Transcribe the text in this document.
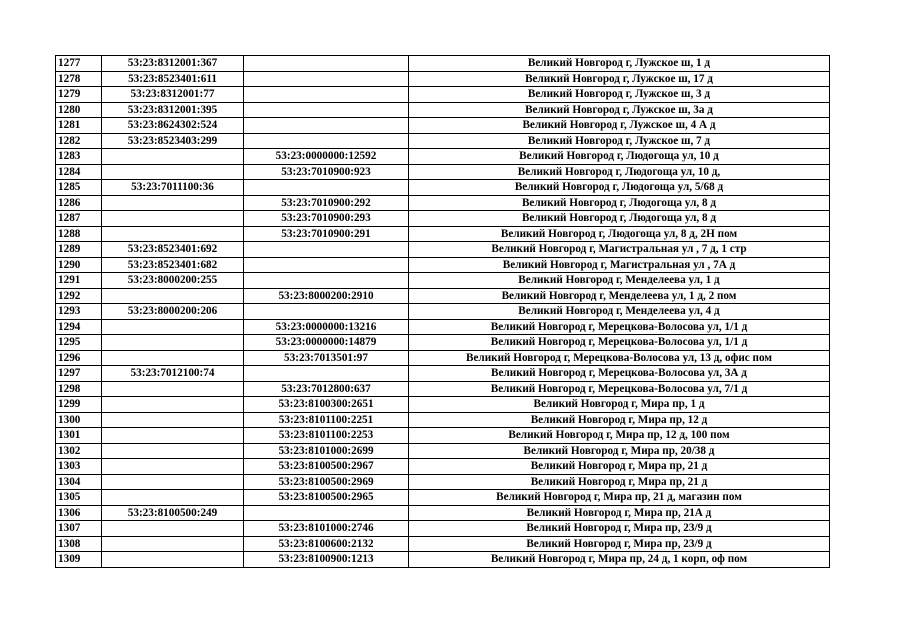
1277	53:23:8312001:367		Великий Новгород г, Лужское ш, 1 д
1278	53:23:8523401:611		Великий Новгород г, Лужское ш, 17 д
1279	53:23:8312001:77		Великий Новгород г, Лужское ш, 3 д
1280	53:23:8312001:395		Великий Новгород г, Лужское ш, 3а д
1281	53:23:8624302:524		Великий Новгород г, Лужское ш, 4 А д
1282	53:23:8523403:299		Великий Новгород г, Лужское ш, 7 д
1283		53:23:0000000:12592	Великий Новгород г, Людогоща ул, 10 д
1284		53:23:7010900:923	Великий Новгород г, Людогоща ул, 10 д,
1285	53:23:7011100:36		Великий Новгород г, Людогоща ул, 5/68 д
1286		53:23:7010900:292	Великий Новгород г, Людогоща ул, 8 д
1287		53:23:7010900:293	Великий Новгород г, Людогоща ул, 8 д
1288		53:23:7010900:291	Великий Новгород г, Людогоща ул, 8 д, 2Н пом
1289	53:23:8523401:692		Великий Новгород г, Магистральная ул , 7 д, 1 стр
1290	53:23:8523401:682		Великий Новгород г, Магистральная ул , 7А д
1291	53:23:8000200:255		Великий Новгород г, Менделеева ул, 1 д
1292		53:23:8000200:2910	Великий Новгород г, Менделеева ул, 1 д, 2 пом
1293	53:23:8000200:206		Великий Новгород г, Менделеева ул, 4 д
1294		53:23:0000000:13216	Великий Новгород г, Мерецкова-Волосова ул, 1/1 д
1295		53:23:0000000:14879	Великий Новгород г, Мерецкова-Волосова ул, 1/1 д
1296		53:23:7013501:97	Великий Новгород г, Мерецкова-Волосова ул, 13 д, офис пом
1297	53:23:7012100:74		Великий Новгород г, Мерецкова-Волосова ул, 3А д
1298		53:23:7012800:637	Великий Новгород г, Мерецкова-Волосова ул, 7/1 д
1299		53:23:8100300:2651	Великий Новгород г, Мира пр, 1 д
1300		53:23:8101100:2251	Великий Новгород г, Мира пр, 12 д
1301		53:23:8101100:2253	Великий Новгород г, Мира пр, 12 д, 100 пом
1302		53:23:8101000:2699	Великий Новгород г, Мира пр, 20/38 д
1303		53:23:8100500:2967	Великий Новгород г, Мира пр, 21 д
1304		53:23:8100500:2969	Великий Новгород г, Мира пр, 21 д
1305		53:23:8100500:2965	Великий Новгород г, Мира пр, 21 д, магазин пом
1306	53:23:8100500:249		Великий Новгород г, Мира пр, 21А д
1307		53:23:8101000:2746	Великий Новгород г, Мира пр, 23/9 д
1308		53:23:8100600:2132	Великий Новгород г, Мира пр, 23/9 д
1309		53:23:8100900:1213	Великий Новгород г, Мира пр, 24 д, 1 корп, оф пом
